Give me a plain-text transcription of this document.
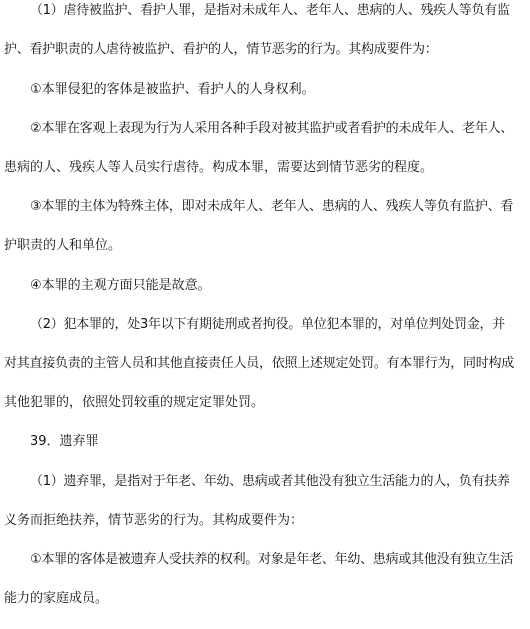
（1）虐待被监护、看护人罪，是指对未成年人、老年人、患病的人、残疾人等负有监
护、看护职责的人虐待被监护、看护的人，情节恶劣的行为。其构成要件为：
①本罪侵犯的客体是被监护、看护人的人身权利。
②本罪在客观上表现为行为人采用各种手段对被其监护或者看护的未成年人、老年人、
患病的人、残疾人等人员实行虐待。构成本罪，需要达到情节恶劣的程度。
③本罪的主体为特殊主体，即对未成年人、老年人、患病的人、残疾人等负有监护、看
护职责的人和单位。
④本罪的主观方面只能是故意。
（2）犯本罪的，处3年以下有期徒刑或者拘役。单位犯本罪的，对单位判处罚金，并
对其直接负责的主管人员和其他直接责任人员，依照上述规定处罚。有本罪行为，同时构成
其他犯罪的，依照处罚较重的规定定罪处罚。
39．遗弃罪
（1）遗弃罪，是指对于年老、年幼、患病或者其他没有独立生活能力的人，负有扶养
义务而拒绝扶养，情节恶劣的行为。其构成要件为：
①本罪的客体是被遗弃人受扶养的权利。对象是年老、年幼、患病或其他没有独立生活
能力的家庭成员。
